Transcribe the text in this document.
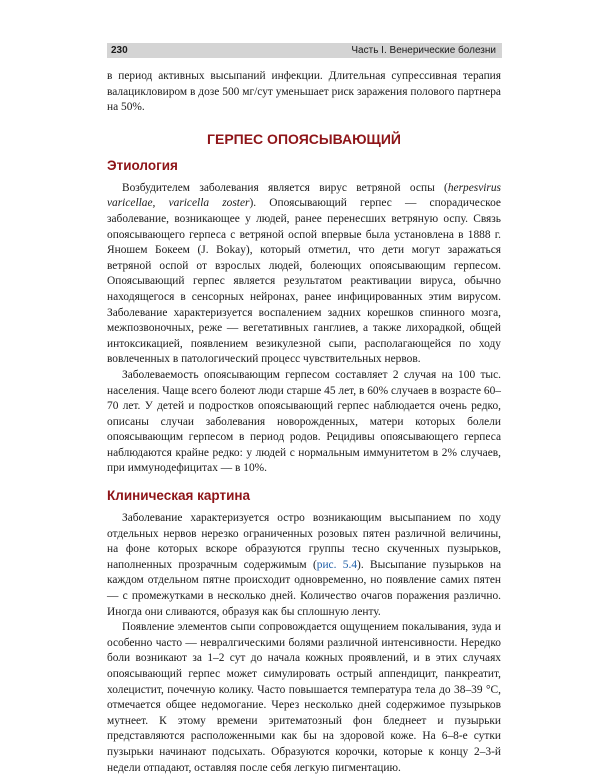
230	Часть I. Венерические болезни

в период активных высыпаний инфекции. Длительная супрессивная терапия валацикловиром в дозе 500 мг/сут уменьшает риск заражения полового партнера на 50%.

ГЕРПЕС ОПОЯСЫВАЮЩИЙ
Этиология

Возбудителем заболевания является вирус ветряной оспы (herpesvirus varicellae, varicella zoster). Опоясывающий герпес — спорадическое заболевание, возникающее у людей, ранее перенесших ветряную оспу. Связь опоясывающего герпеса с ветряной оспой впервые была установлена в 1888 г. Яношем Бокеем (J. Bokay), который отметил, что дети могут заражаться ветряной оспой от взрослых людей, болеющих опоясывающим герпесом. Опоясывающий герпес является результатом реактивации вируса, обычно находящегося в сенсорных нейронах, ранее инфицированных этим вирусом. Заболевание характеризуется воспалением задних корешков спинного мозга, межпозвоночных, реже — вегетативных ганглиев, а также лихорадкой, общей интоксикацией, появлением везикулезной сыпи, располагающейся по ходу вовлеченных в патологический процесс чувствительных нервов.

Заболеваемость опоясывающим герпесом составляет 2 случая на 100 тыс. населения. Чаще всего болеют люди старше 45 лет, в 60% случаев в возрасте 60–70 лет. У детей и подростков опоясывающий герпес наблюдается очень редко, описаны случаи заболевания новорожденных, матери которых болели опоясывающим герпесом в период родов. Рецидивы опоясывающего герпеса наблюдаются крайне редко: у людей с нормальным иммунитетом в 2% случаев, при иммунодефицитах — в 10%.

Клиническая картина

Заболевание характеризуется остро возникающим высыпанием по ходу отдельных нервов нерезко ограниченных розовых пятен различной величины, на фоне которых вскоре образуются группы тесно скученных пузырьков, наполненных прозрачным содержимым (рис. 5.4). Высыпание пузырьков на каждом отдельном пятне происходит одновременно, но появление самих пятен — с промежутками в несколько дней. Количество очагов поражения различно. Иногда они сливаются, образуя как бы сплошную ленту.

Появление элементов сыпи сопровождается ощущением покалывания, зуда и особенно часто — невралгическими болями различной интенсивности. Нередко боли возникают за 1–2 сут до начала кожных проявлений, и в этих случаях опоясывающий герпес может симулировать острый аппендицит, панкреатит, холецистит, почечную колику. Часто повышается температура тела до 38–39 °С, отмечается общее недомогание. Через несколько дней содержимое пузырьков мутнеет. К этому времени эритематозный фон бледнеет и пузырьки представляются расположенными как бы на здоровой коже. На 6–8-е сутки пузырьки начинают подсыхать. Образуются корочки, которые к концу 2–3-й недели отпадают, оставляя после себя легкую пигментацию.
